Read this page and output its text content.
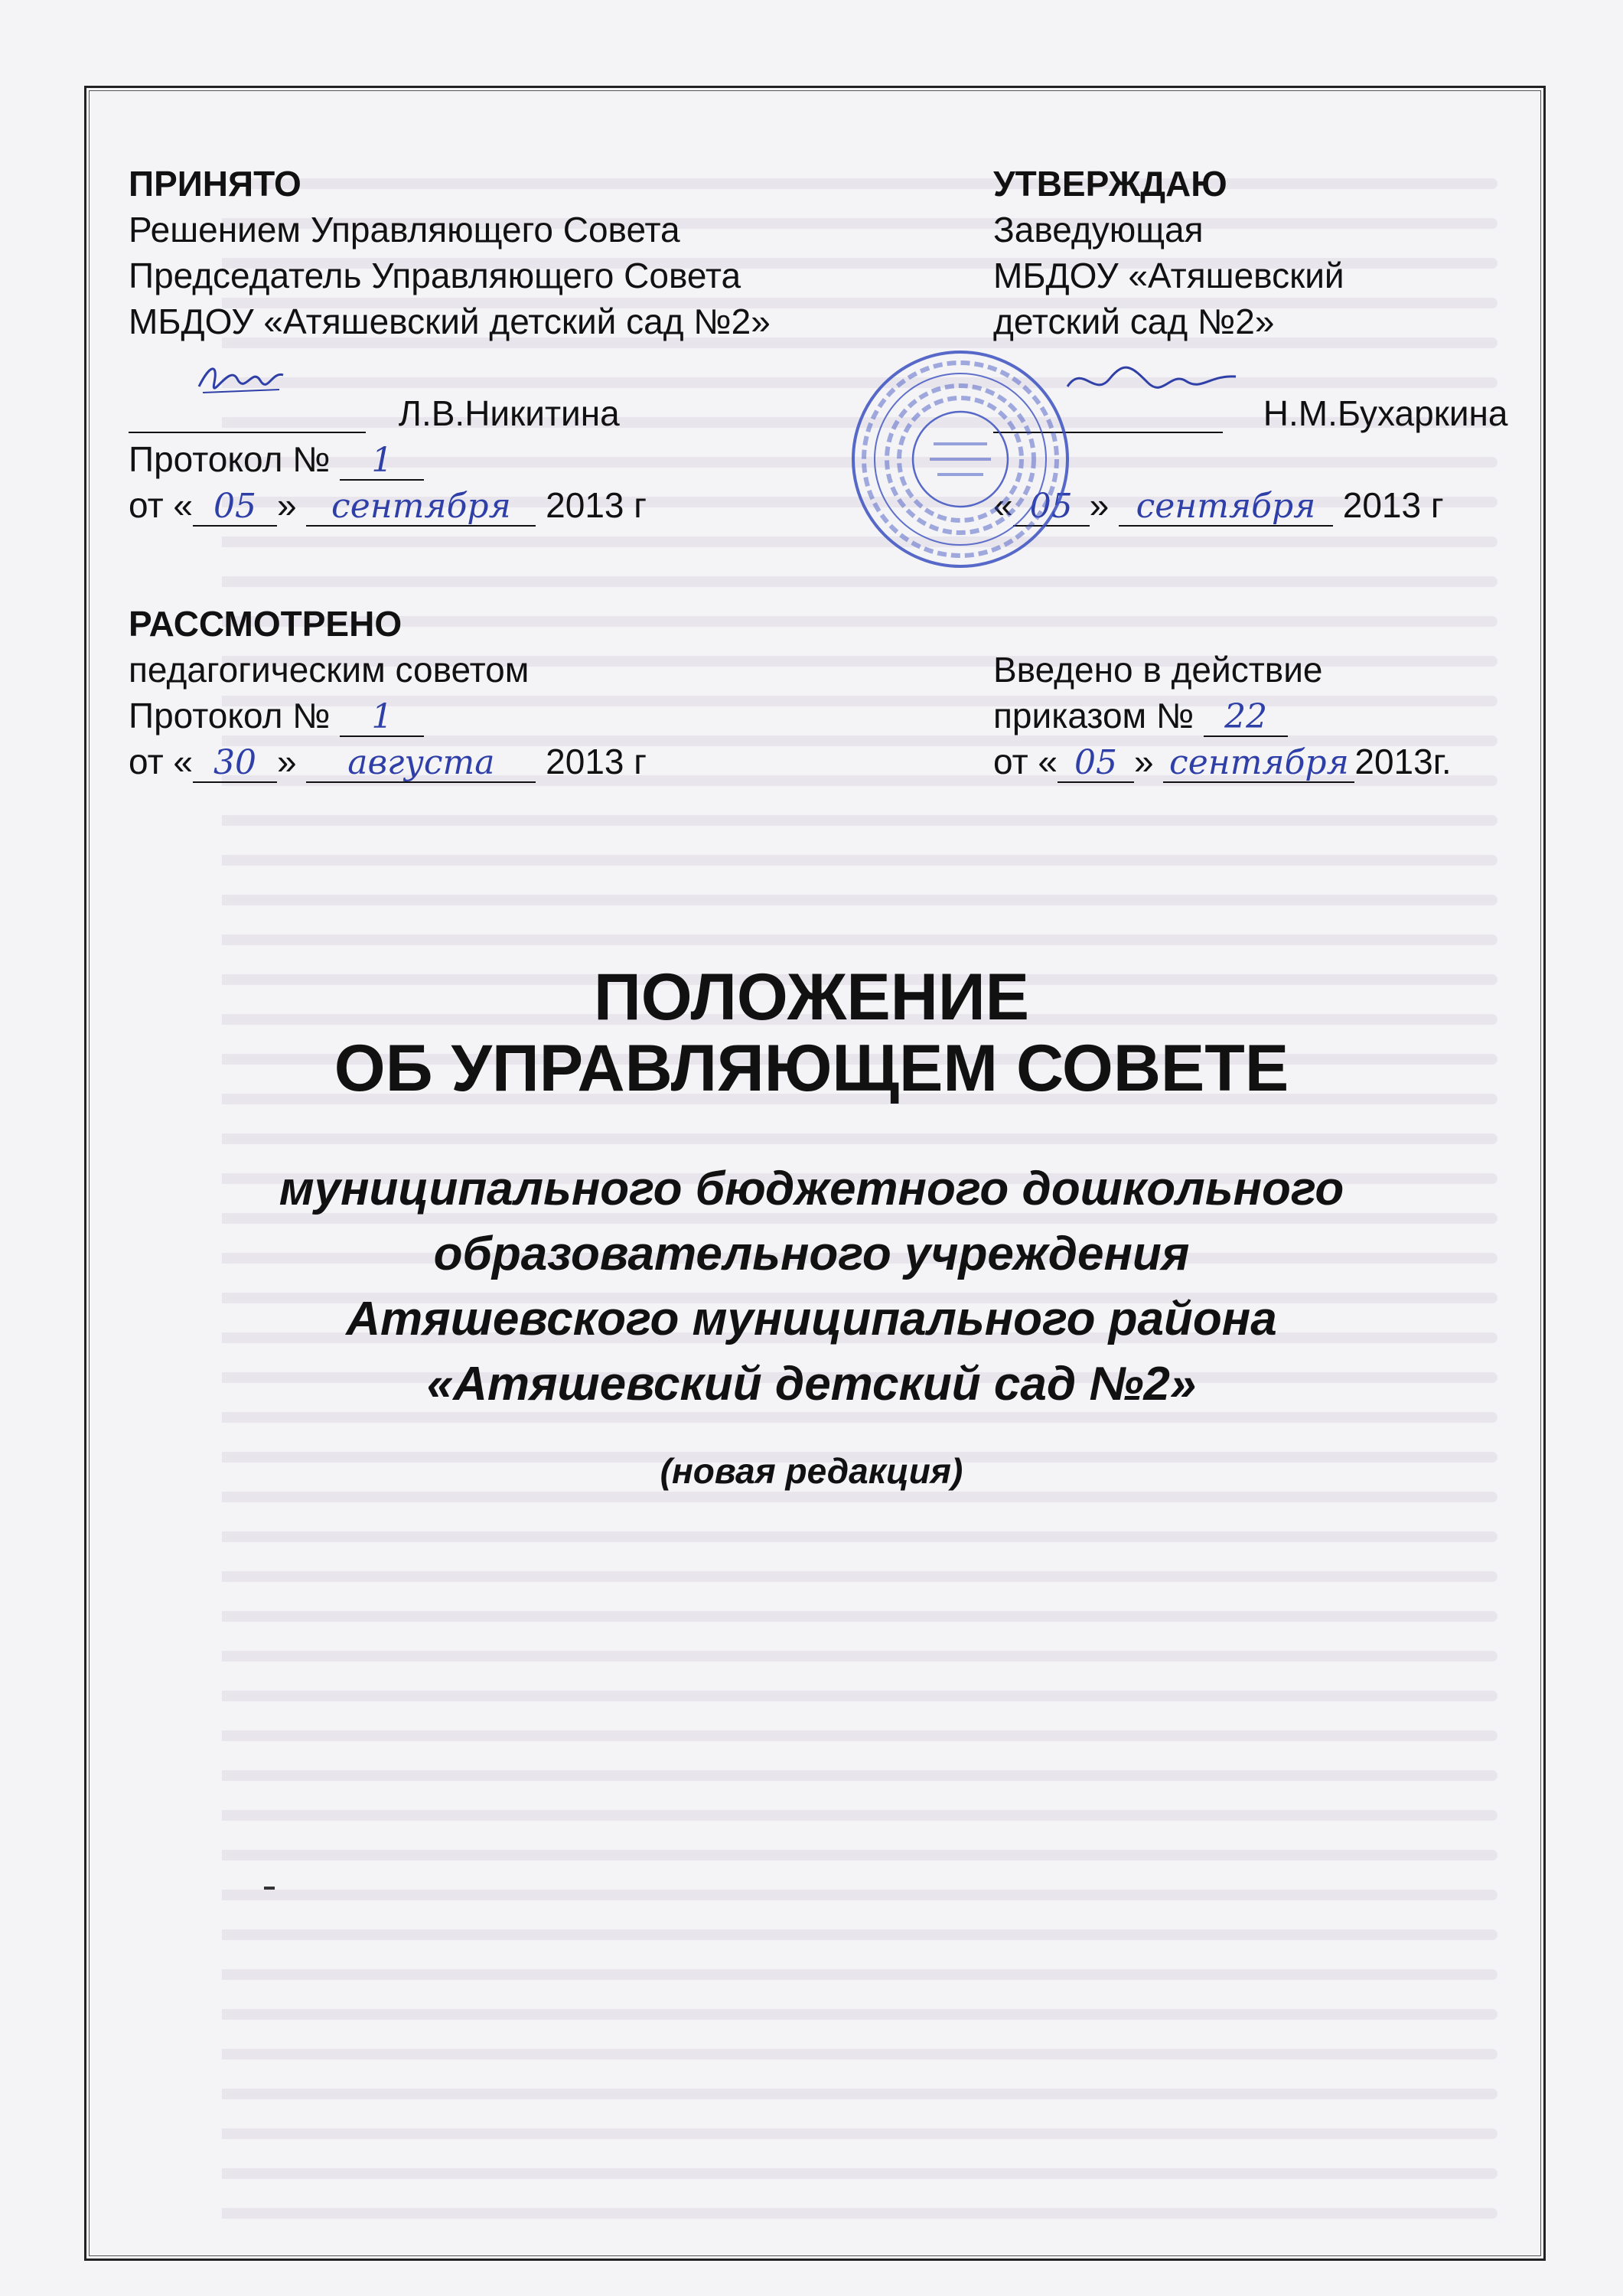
ПРИНЯТО
Решением Управляющего Совета
Председатель Управляющего Совета
МБДОУ «Атяшевский детский сад №2»
Л.В.Никитина
Протокол № 1
от « 05 » сентября 2013 г
УТВЕРЖДАЮ
Заведующая
МБДОУ «Атяшевский
детский сад №2»
Н.М.Бухаркина
« 05 » сентября 2013 г
РАССМОТРЕНО
педагогическим советом
Протокол № 1
от « 30 » августа 2013 г
Введено в действие
приказом № 22
от « 05 » сентября 2013г.
ПОЛОЖЕНИЕ
ОБ УПРАВЛЯЮЩЕМ СОВЕТЕ
муниципального бюджетного дошкольного
образовательного учреждения
Атяшевского муниципального района
«Атяшевский детский сад №2»
(новая редакция)
